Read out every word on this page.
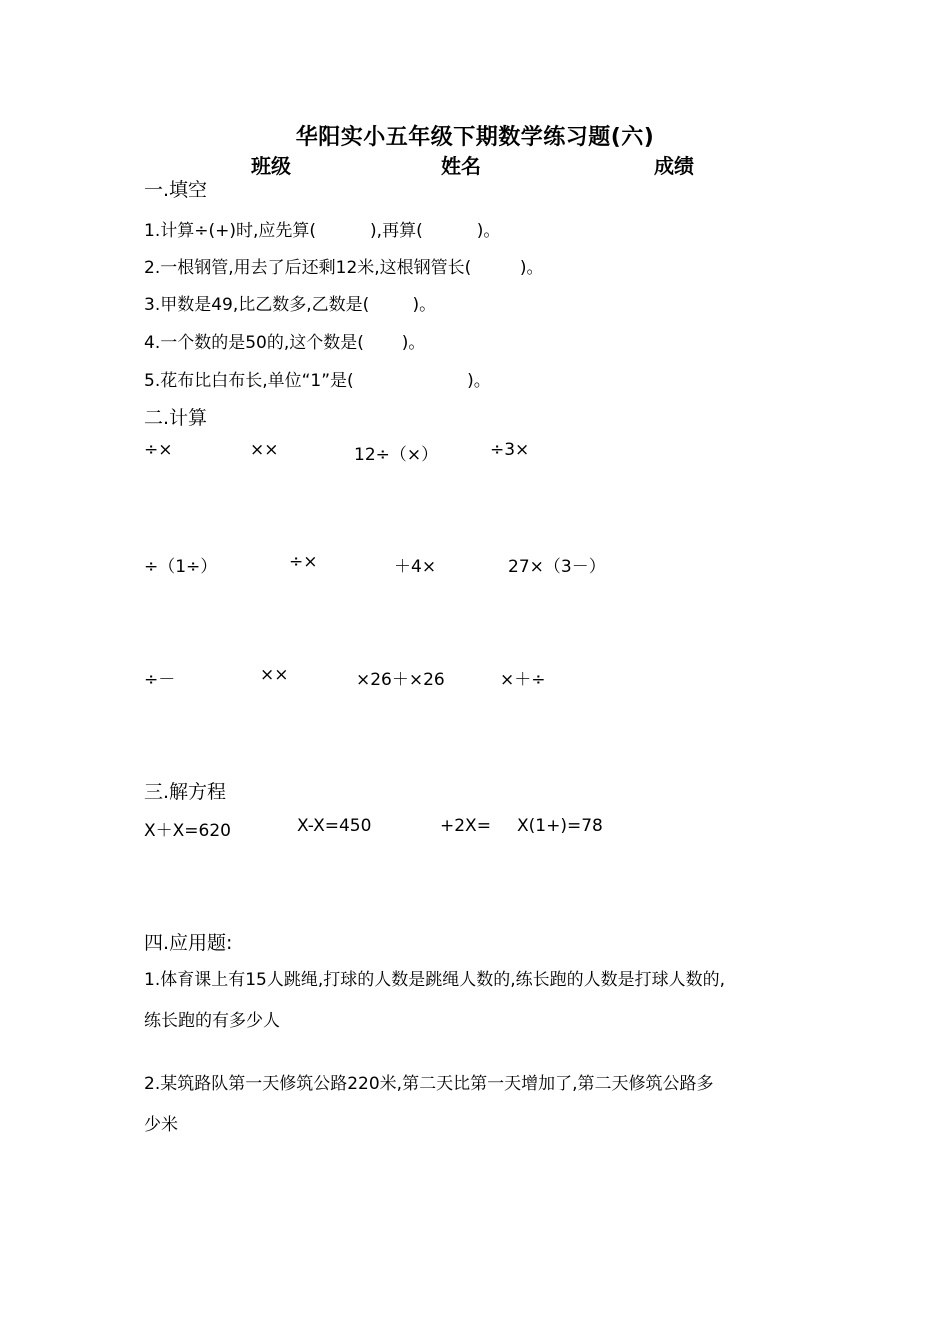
华阳实小五年级下期数学练习题(六)
班级	姓名	成绩
一.填空
1.计算÷(+)时,应先算(          ),再算(          )。
2.一根钢管,用去了后还剩12米,这根钢管长(         )。
3.甲数是49,比乙数多,乙数是(        )。
4.一个数的是50的,这个数是(       )。
5.花布比白布长,单位“1”是(                     )。
二.计算
÷×	××	12÷（×）	÷3×
÷（1÷）	÷×	＋4×	27×（3－）
÷－	××	×26＋×26	×＋÷
三.解方程
X＋X=620	X-X=450	+2X= X(1+)=78
四.应用题:
1.体育课上有15人跳绳,打球的人数是跳绳人数的,练长跑的人数是打球人数的,
练长跑的有多少人
2.某筑路队第一天修筑公路220米,第二天比第一天增加了,第二天修筑公路多
少米
